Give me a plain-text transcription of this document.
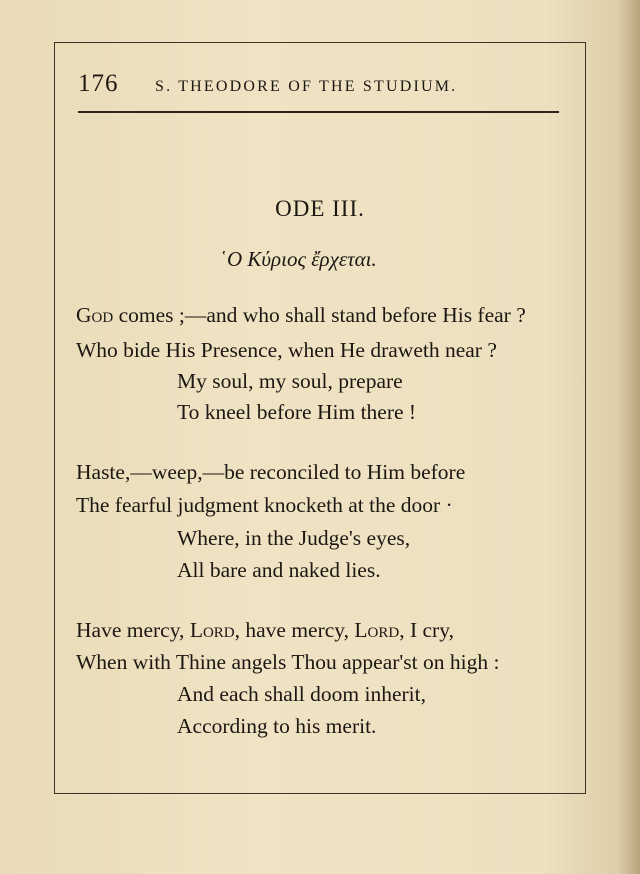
176 S. THEODORE OF THE STUDIUM.
ODE III.
῾Ο Κύριος ἔρχεται.
God comes ;—and who shall stand before His fear ?
Who bide His Presence, when He draweth near ?
My soul, my soul, prepare
To kneel before Him there !
Haste,—weep,—be reconciled to Him before
The fearful judgment knocketh at the door ·
Where, in the Judge's eyes,
All bare and naked lies.
Have mercy, Lord, have mercy, Lord, I cry,
When with Thine angels Thou appear'st on high :
And each shall doom inherit,
According to his merit.
